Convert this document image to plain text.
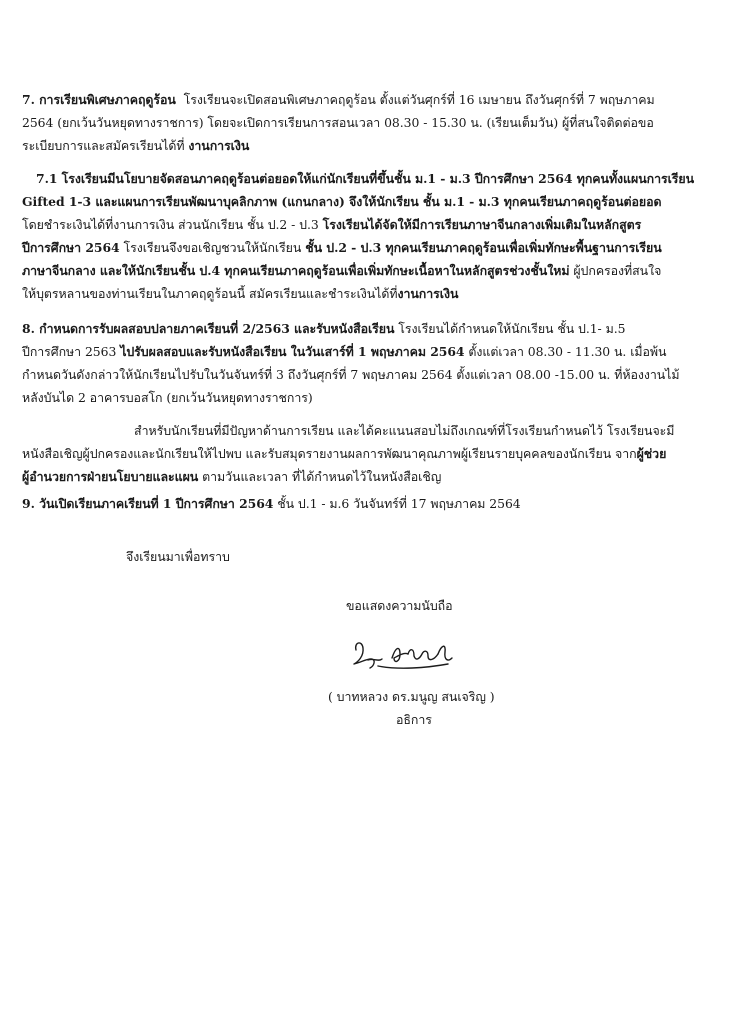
7. การเรียนพิเศษภาคฤดูร้อน โรงเรียนจะเปิดสอนพิเศษภาคฤดูร้อน ตั้งแต่วันศุกร์ที่ 16 เมษายน ถึงวันศุกร์ที่ 7 พฤษภาคม
2564 (ยกเว้นวันหยุดทางราชการ) โดยจะเปิดการเรียนการสอนเวลา 08.30 - 15.30 น. (เรียนเต็มวัน) ผู้ที่สนใจติดต่อขอ
ระเบียบการและสมัครเรียนได้ที่ งานการเงิน
7.1 โรงเรียนมีนโยบายจัดสอนภาคฤดูร้อนต่อยอดให้แก่นักเรียนที่ขึ้นชั้น ม.1 - ม.3 ปีการศึกษา 2564 ทุกคนทั้งแผนการเรียน
Gifted 1-3 และแผนการเรียนพัฒนาบุคลิกภาพ (แกนกลาง) จึงให้นักเรียน ชั้น ม.1 - ม.3 ทุกคนเรียนภาคฤดูร้อนต่อยอด
โดยชำระเงินได้ที่งานการเงิน ส่วนนักเรียน ชั้น ป.2 - ป.3 โรงเรียนได้จัดให้มีการเรียนภาษาจีนกลางเพิ่มเติมในหลักสูตร
ปีการศึกษา 2564 โรงเรียนจึงขอเชิญชวนให้นักเรียน ชั้น ป.2 - ป.3 ทุกคนเรียนภาคฤดูร้อนเพื่อเพิ่มทักษะพื้นฐานการเรียน
ภาษาจีนกลาง และให้นักเรียนชั้น ป.4 ทุกคนเรียนภาคฤดูร้อนเพื่อเพิ่มทักษะเนื้อหาในหลักสูตรช่วงชั้นใหม่ ผู้ปกครองที่สนใจ
ให้บุตรหลานของท่านเรียนในภาคฤดูร้อนนี้ สมัครเรียนและชำระเงินได้ที่งานการเงิน
8. กำหนดการรับผลสอบปลายภาคเรียนที่ 2/2563 และรับหนังสือเรียน โรงเรียนได้กำหนดให้นักเรียน ชั้น ป.1- ม.5
ปีการศึกษา 2563 ไปรับผลสอบและรับหนังสือเรียน ในวันเสาร์ที่ 1 พฤษภาคม 2564 ตั้งแต่เวลา 08.30 - 11.30 น. เมื่อพ้น
กำหนดวันดังกล่าวให้นักเรียนไปรับในวันจันทร์ที่ 3 ถึงวันศุกร์ที่ 7 พฤษภาคม 2564 ตั้งแต่เวลา 08.00 -15.00 น. ที่ห้องงานไม้
หลังบันได 2 อาคารบอสโก (ยกเว้นวันหยุดทางราชการ)
สำหรับนักเรียนที่มีปัญหาด้านการเรียน และได้คะแนนสอบไม่ถึงเกณฑ์ที่โรงเรียนกำหนดไว้ โรงเรียนจะมี
หนังสือเชิญผู้ปกครองและนักเรียนให้ไปพบ และรับสมุดรายงานผลการพัฒนาคุณภาพผู้เรียนรายบุคคลของนักเรียน จากผู้ช่วย
ผู้อำนวยการฝ่ายนโยบายและแผน ตามวันและเวลา ที่ได้กำหนดไว้ในหนังสือเชิญ
9. วันเปิดเรียนภาคเรียนที่ 1 ปีการศึกษา 2564 ชั้น ป.1 - ม.6 วันจันทร์ที่ 17 พฤษภาคม 2564
จึงเรียนมาเพื่อทราบ
ขอแสดงความนับถือ
( บาทหลวง ดร.มนูญ สนเจริญ )
อธิการ
